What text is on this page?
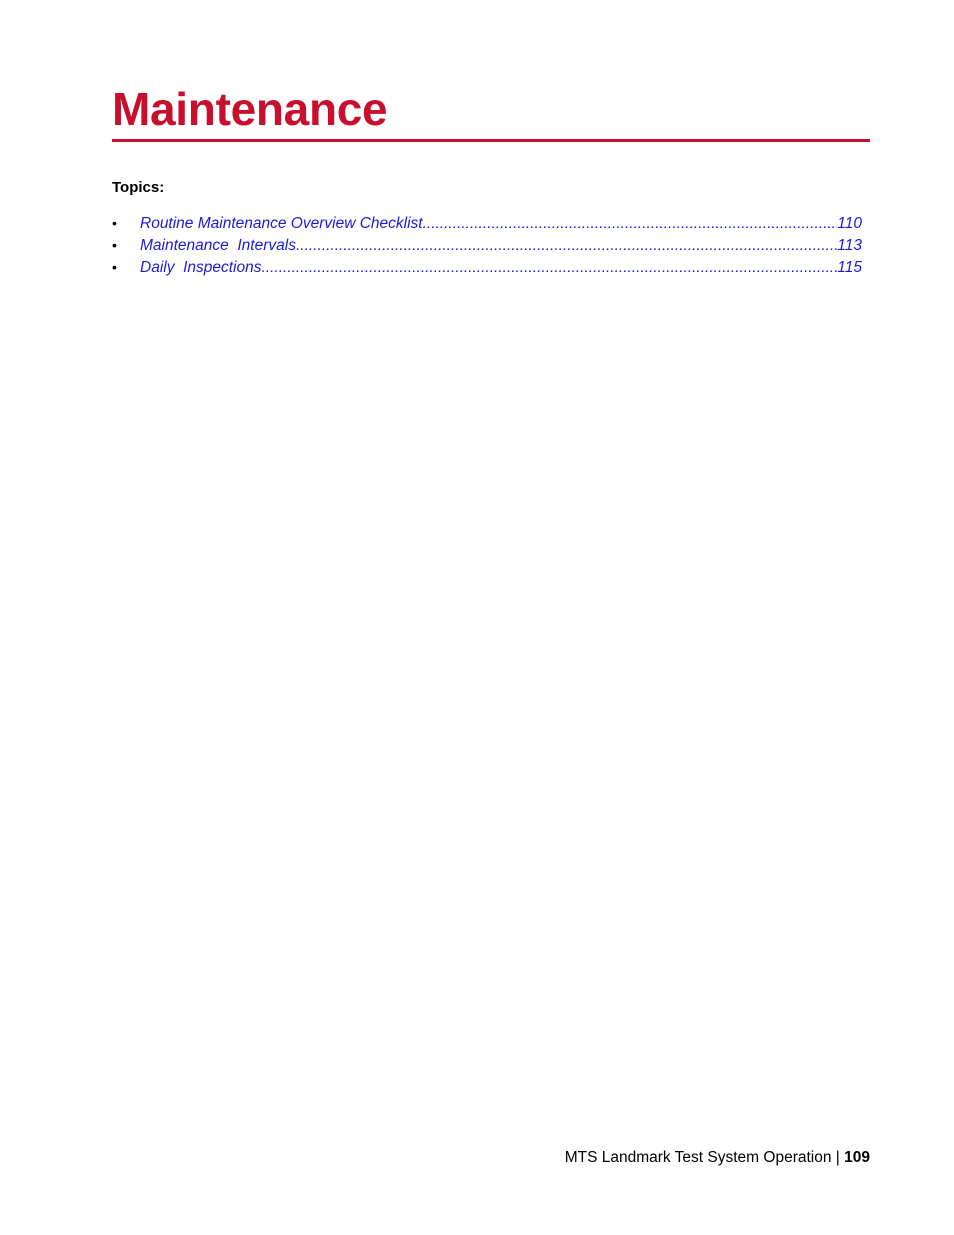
Maintenance
Topics:
•	Routine Maintenance Overview Checklist .....	110
•	Maintenance  Intervals .....	113
•	Daily  Inspections .....	115
MTS Landmark Test System Operation | 109
